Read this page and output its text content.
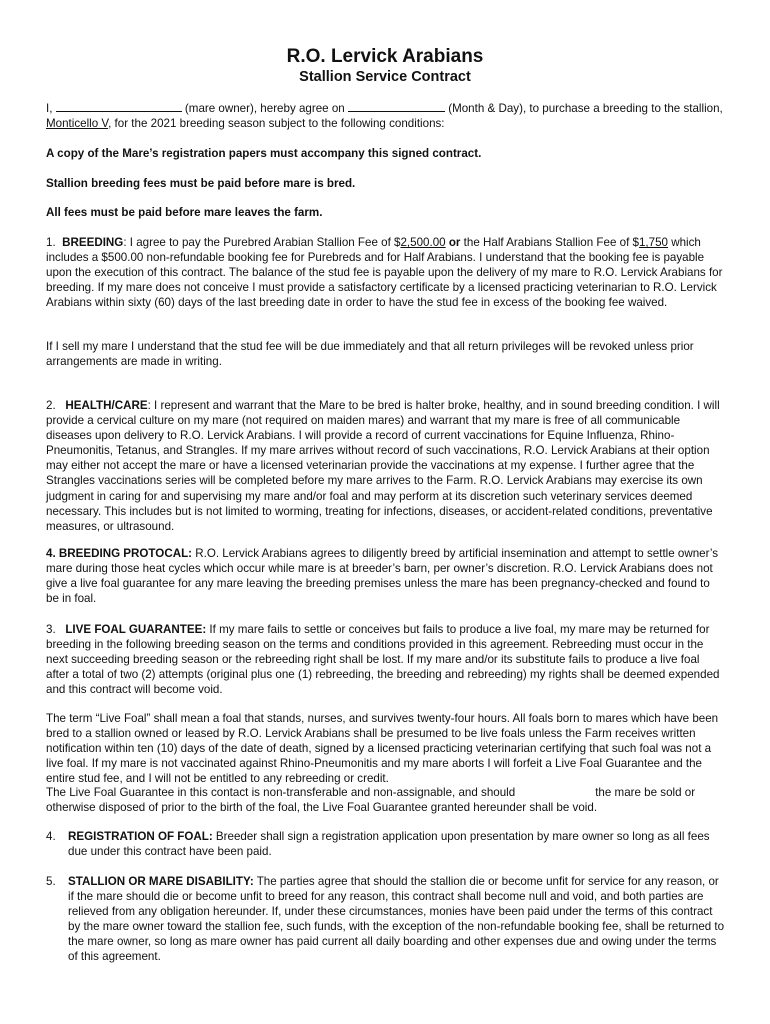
R.O. Lervick Arabians
Stallion Service Contract

I,	(mare owner), hereby agree on	(Month & Day), to purchase a breeding to the stallion, Monticello V, for the 2021 breeding season subject to the following conditions:

A copy of the Mare’s registration papers must accompany this signed contract.

Stallion breeding fees must be paid before mare is bred.

All fees must be paid before mare leaves the farm.

1. BREEDING: I agree to pay the Purebred Arabian Stallion Fee of $2,500.00 or the Half Arabians Stallion Fee of $1,750 which includes a $500.00 non-refundable booking fee for Purebreds and for Half Arabians. I understand that the booking fee is payable upon the execution of this contract. The balance of the stud fee is payable upon the delivery of my mare to R.O. Lervick Arabians for breeding. If my mare does not conceive I must provide a satisfactory certificate by a licensed practicing veterinarian to R.O. Lervick Arabians within sixty (60) days of the last breeding date in order to have the stud fee in excess of the booking fee waived.

If I sell my mare I understand that the stud fee will be due immediately and that all return privileges will be revoked unless prior arrangements are made in writing.

2. HEALTH/CARE: I represent and warrant that the Mare to be bred is halter broke, healthy, and in sound breeding condition. I will provide a cervical culture on my mare (not required on maiden mares) and warrant that my mare is free of all communicable diseases upon delivery to R.O. Lervick Arabians. I will provide a record of current vaccinations for Equine Influenza, Rhino-Pneumonitis, Tetanus, and Strangles. If my mare arrives without record of such vaccinations, R.O. Lervick Arabians at their option may either not accept the mare or have a licensed veterinarian provide the vaccinations at my expense. I further agree that the Strangles vaccinations series will be completed before my mare arrives to the Farm. R.O. Lervick Arabians may exercise its own judgment in caring for and supervising my mare and/or foal and may perform at its discretion such veterinary services deemed necessary. This includes but is not limited to worming, treating for infections, diseases, or accident-related conditions, preventative measures, or ultrasound.

4. BREEDING PROTOCAL: R.O. Lervick Arabians agrees to diligently breed by artificial insemination and attempt to settle owner’s mare during those heat cycles which occur while mare is at breeder’s barn, per owner’s discretion. R.O. Lervick Arabians does not give a live foal guarantee for any mare leaving the breeding premises unless the mare has been pregnancy-checked and found to be in foal.

3. LIVE FOAL GUARANTEE: If my mare fails to settle or conceives but fails to produce a live foal, my mare may be returned for breeding in the following breeding season on the terms and conditions provided in this agreement. Rebreeding must occur in the next succeeding breeding season or the rebreeding right shall be lost. If my mare and/or its substitute fails to produce a live foal after a total of two (2) attempts (original plus one (1) rebreeding, the breeding and rebreeding) my rights shall be deemed expended and this contract will become void.

The term “Live Foal” shall mean a foal that stands, nurses, and survives twenty-four hours. All foals born to mares which have been bred to a stallion owned or leased by R.O. Lervick Arabians shall be presumed to be live foals unless the Farm receives written notification within ten (10) days of the date of death, signed by a licensed practicing veterinarian certifying that such foal was not a live foal. If my mare is not vaccinated against Rhino-Pneumonitis and my mare aborts I will forfeit a Live Foal Guarantee and the entire stud fee, and I will not be entitled to any rebreeding or credit.

The Live Foal Guarantee in this contact is non-transferable and non-assignable, and should	the mare be sold or otherwise disposed of prior to the birth of the foal, the Live Foal Guarantee granted hereunder shall be void.

4. REGISTRATION OF FOAL: Breeder shall sign a registration application upon presentation by mare owner so long as all fees due under this contract have been paid.

5. STALLION OR MARE DISABILITY: The parties agree that should the stallion die or become unfit for service for any reason, or if the mare should die or become unfit to breed for any reason, this contract shall become null and void, and both parties are relieved from any obligation hereunder. If, under these circumstances, monies have been paid under the terms of this contract by the mare owner toward the stallion fee, such funds, with the exception of the non-refundable booking fee, shall be returned to the mare owner, so long as mare owner has paid current all daily boarding and other expenses due and owing under the terms of this agreement.
